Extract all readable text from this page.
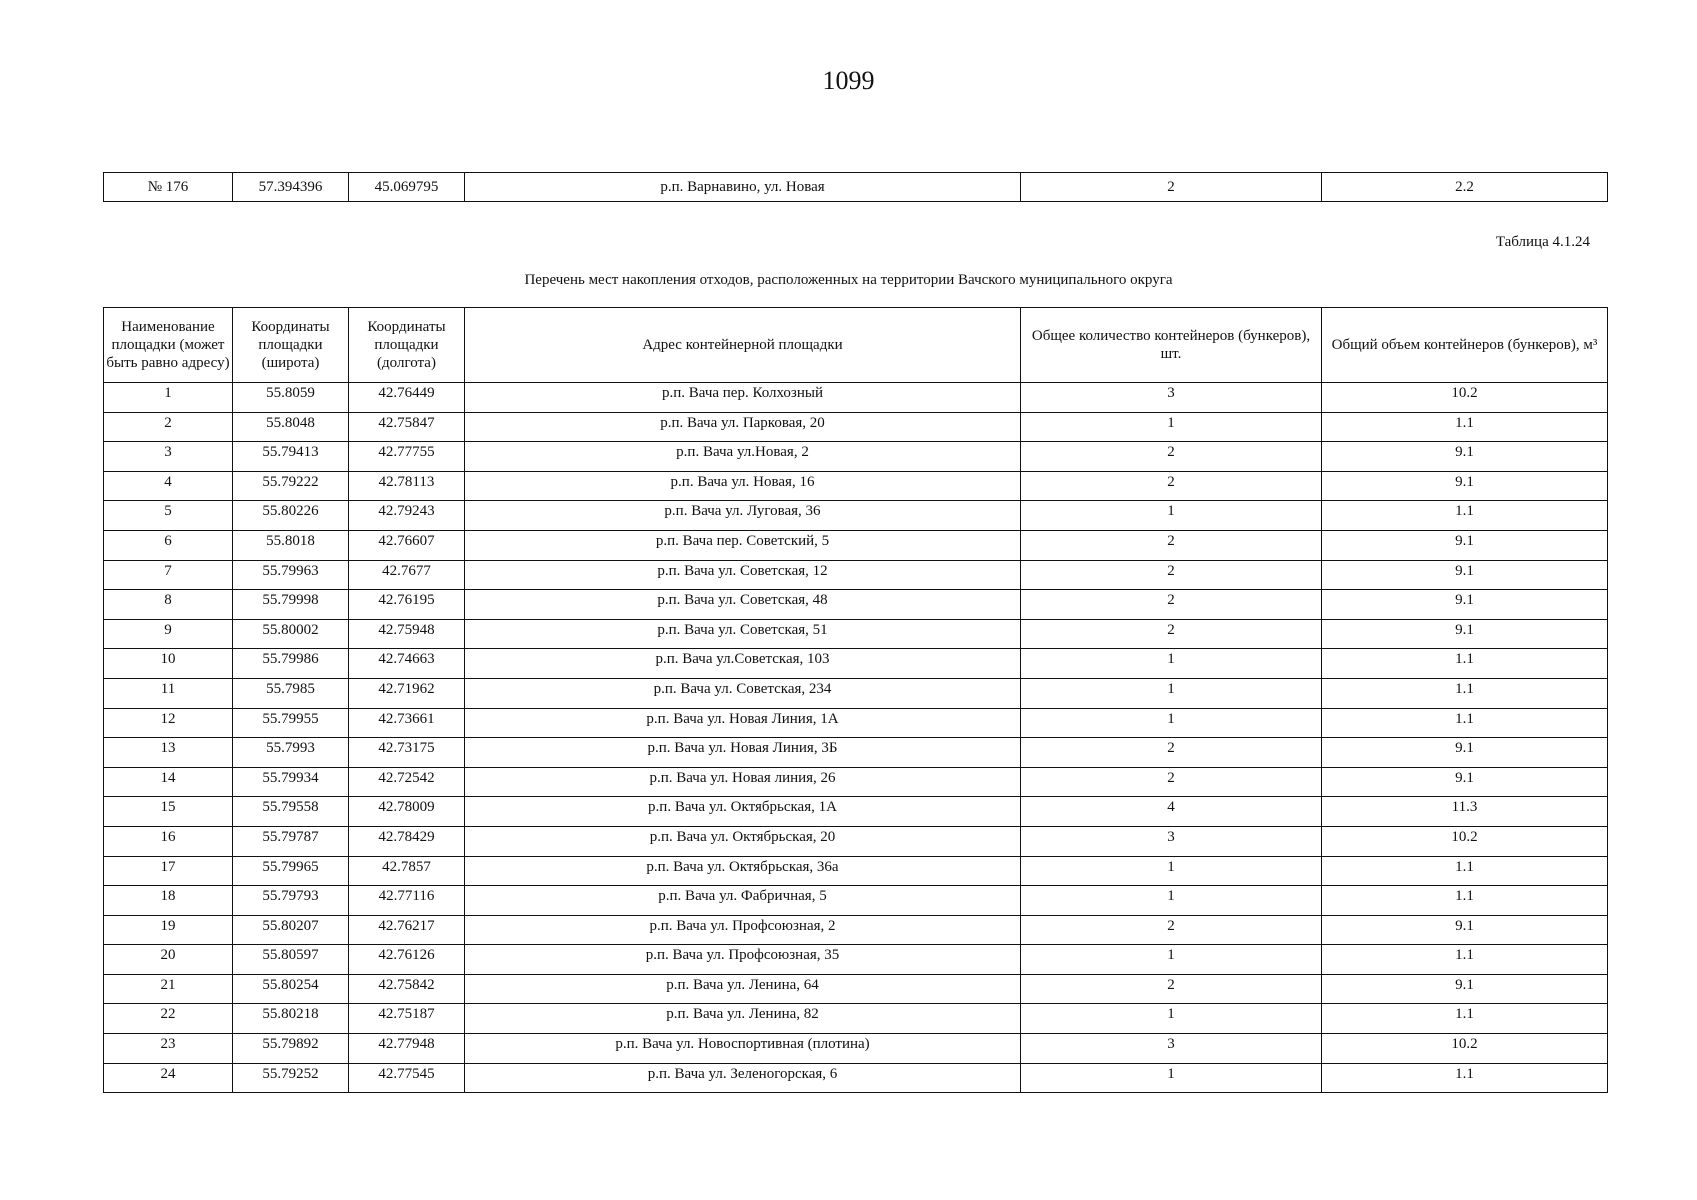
1099
№ 176	57.394396	45.069795	р.п. Варнавино, ул. Новая	2	2.2
Таблица 4.1.24
Перечень мест накопления отходов, расположенных на территории Вачского муниципального округа
Наименование площадки (может быть равно адресу)	Координаты площадки (широта)	Координаты площадки (долгота)	Адрес контейнерной площадки	Общее количество контейнеров (бункеров), шт.	Общий объем контейнеров (бункеров), м³
1	55.8059	42.76449	р.п. Вача пер. Колхозный	3	10.2
2	55.8048	42.75847	р.п. Вача ул. Парковая, 20	1	1.1
3	55.79413	42.77755	р.п. Вача ул.Новая, 2	2	9.1
4	55.79222	42.78113	р.п. Вача ул. Новая, 16	2	9.1
5	55.80226	42.79243	р.п. Вача ул. Луговая, 36	1	1.1
6	55.8018	42.76607	р.п. Вача пер. Советский, 5	2	9.1
7	55.79963	42.7677	р.п. Вача ул. Советская, 12	2	9.1
8	55.79998	42.76195	р.п. Вача ул. Советская, 48	2	9.1
9	55.80002	42.75948	р.п. Вача ул. Советская, 51	2	9.1
10	55.79986	42.74663	р.п. Вача ул.Советская, 103	1	1.1
11	55.7985	42.71962	р.п. Вача ул. Советская, 234	1	1.1
12	55.79955	42.73661	р.п. Вача ул. Новая Линия, 1А	1	1.1
13	55.7993	42.73175	р.п. Вача ул. Новая Линия, 3Б	2	9.1
14	55.79934	42.72542	р.п. Вача ул. Новая линия, 26	2	9.1
15	55.79558	42.78009	р.п. Вача ул. Октябрьская, 1А	4	11.3
16	55.79787	42.78429	р.п. Вача ул. Октябрьская, 20	3	10.2
17	55.79965	42.7857	р.п. Вача ул. Октябрьская, 36а	1	1.1
18	55.79793	42.77116	р.п. Вача ул. Фабричная, 5	1	1.1
19	55.80207	42.76217	р.п. Вача ул. Профсоюзная, 2	2	9.1
20	55.80597	42.76126	р.п. Вача ул. Профсоюзная, 35	1	1.1
21	55.80254	42.75842	р.п. Вача ул. Ленина, 64	2	9.1
22	55.80218	42.75187	р.п. Вача ул. Ленина, 82	1	1.1
23	55.79892	42.77948	р.п. Вача ул. Новоспортивная (плотина)	3	10.2
24	55.79252	42.77545	р.п. Вача ул. Зеленогорская, 6	1	1.1
